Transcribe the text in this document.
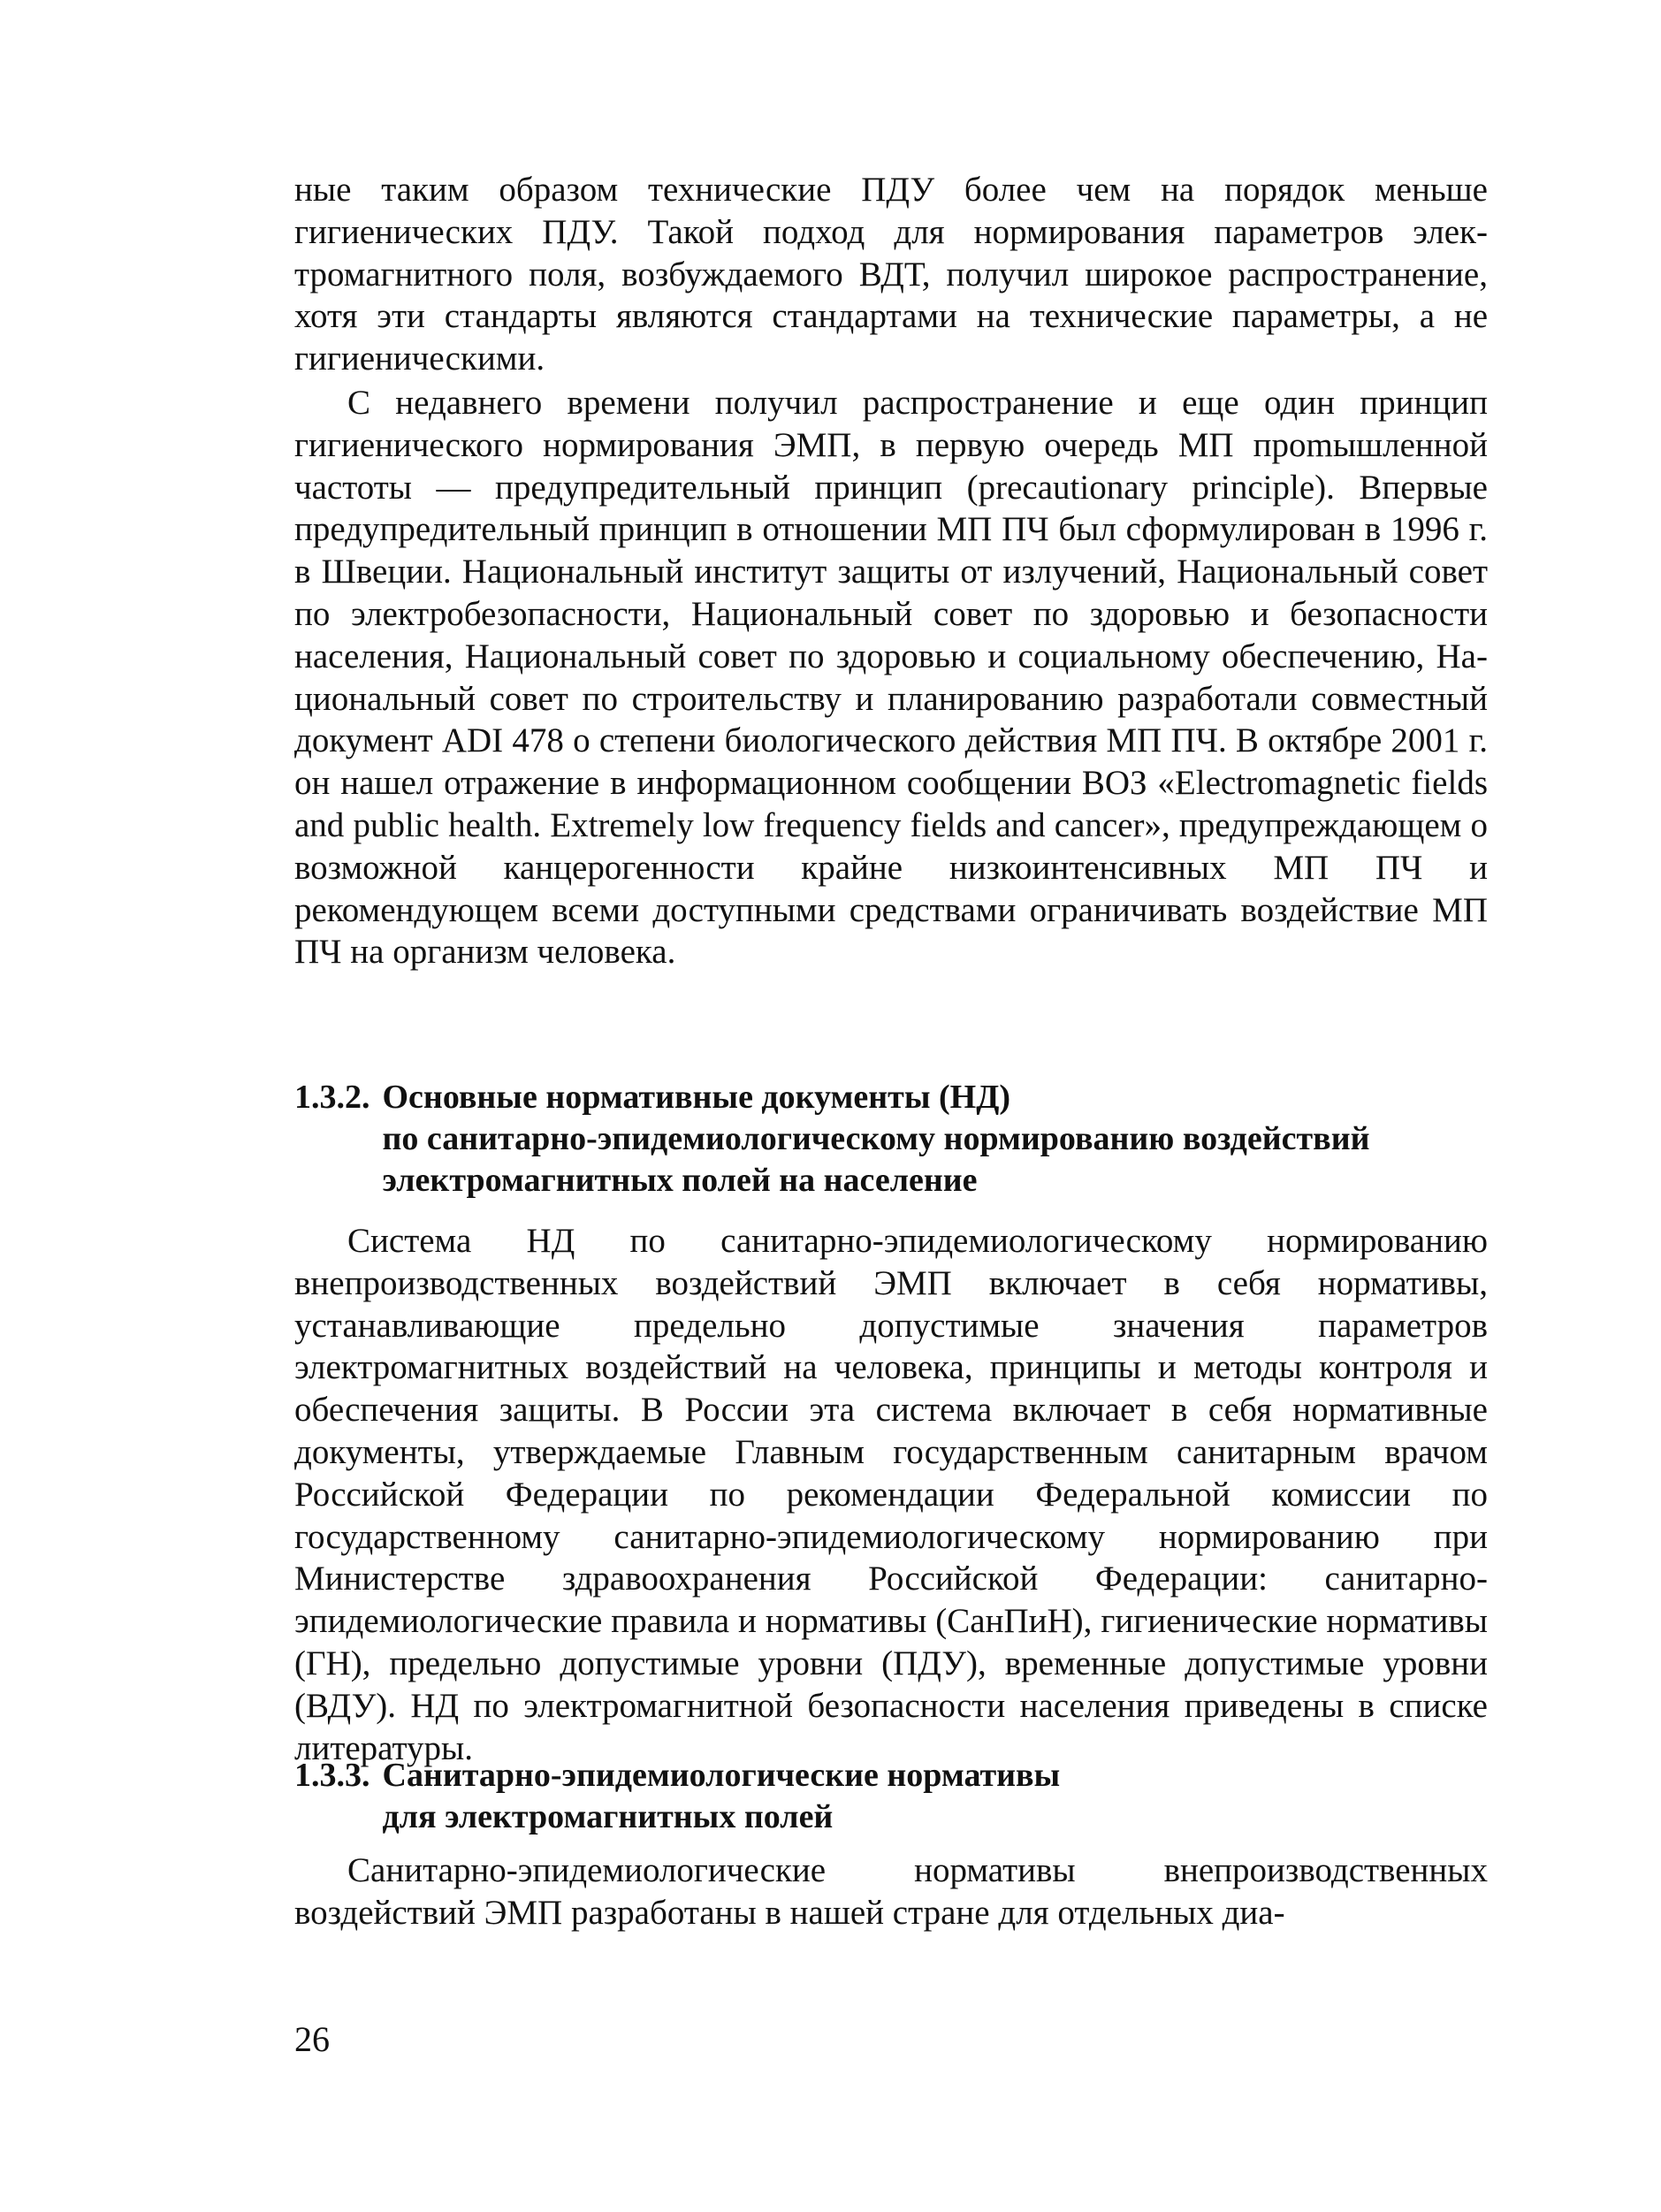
ные таким образом технические ПДУ более чем на порядок меньше гигиенических ПДУ. Такой подход для нормирования параметров электромагнитного поля, возбуждаемого ВДТ, получил широкое распространение, хотя эти стандарты являются стандартами на технические параметры, а не гигиеническими.

С недавнего времени получил распространение и еще один принцип гигиенического нормирования ЭМП, в первую очередь МП проmышленной частоты — предупредительный принцип (precautionary principle). Впервые предупредительный принцип в отношении МП ПЧ был сформулирован в 1996 г. в Швеции. Национальный институт защиты от излучений, Национальный совет по электробезопасности, Национальный совет по здоровью и безопасности населения, Национальный совет по здоровью и социальному обеспечению, Национальный совет по строительству и планированию разработали совместный документ ADI 478 о степени биологического действия МП ПЧ. В октябре 2001 г. он нашел отражение в информационном сообщении ВОЗ «Electromagnetic fields and public health. Extremely low frequency fields and cancer», предупреждающем о возможной канцерогенности крайне низкоинтенсивных МП ПЧ и рекомендующем всеми доступными средствами ограничивать воздействие МП ПЧ на организм человека.

1.3.2. Основные нормативные документы (НД)
по санитарно-эпидемиологическому нормированию воздействий
электромагнитных полей на население

Система НД по санитарно-эпидемиологическому нормированию внепроизводственных воздействий ЭМП включает в себя нормативы, устанавливающие предельно допустимые значения параметров электромагнитных воздействий на человека, принципы и методы контроля и обеспечения защиты. В России эта система включает в себя нормативные документы, утверждаемые Главным государственным санитарным врачом Российской Федерации по рекомендации Федеральной комиссии по государственному санитарно-эпидемиологическому нормированию при Министерстве здравоохранения Российской Федерации: санитарно-эпидемиологические правила и нормативы (СанПиН), гигиенические нормативы (ГН), предельно допустимые уровни (ПДУ), временные допустимые уровни (ВДУ). НД по электромагнитной безопасности населения приведены в списке литературы.

1.3.3. Санитарно-эпидемиологические нормативы
для электромагнитных полей

Санитарно-эпидемиологические нормативы внепроизводственных воздействий ЭМП разработаны в нашей стране для отдельных диа-

26
